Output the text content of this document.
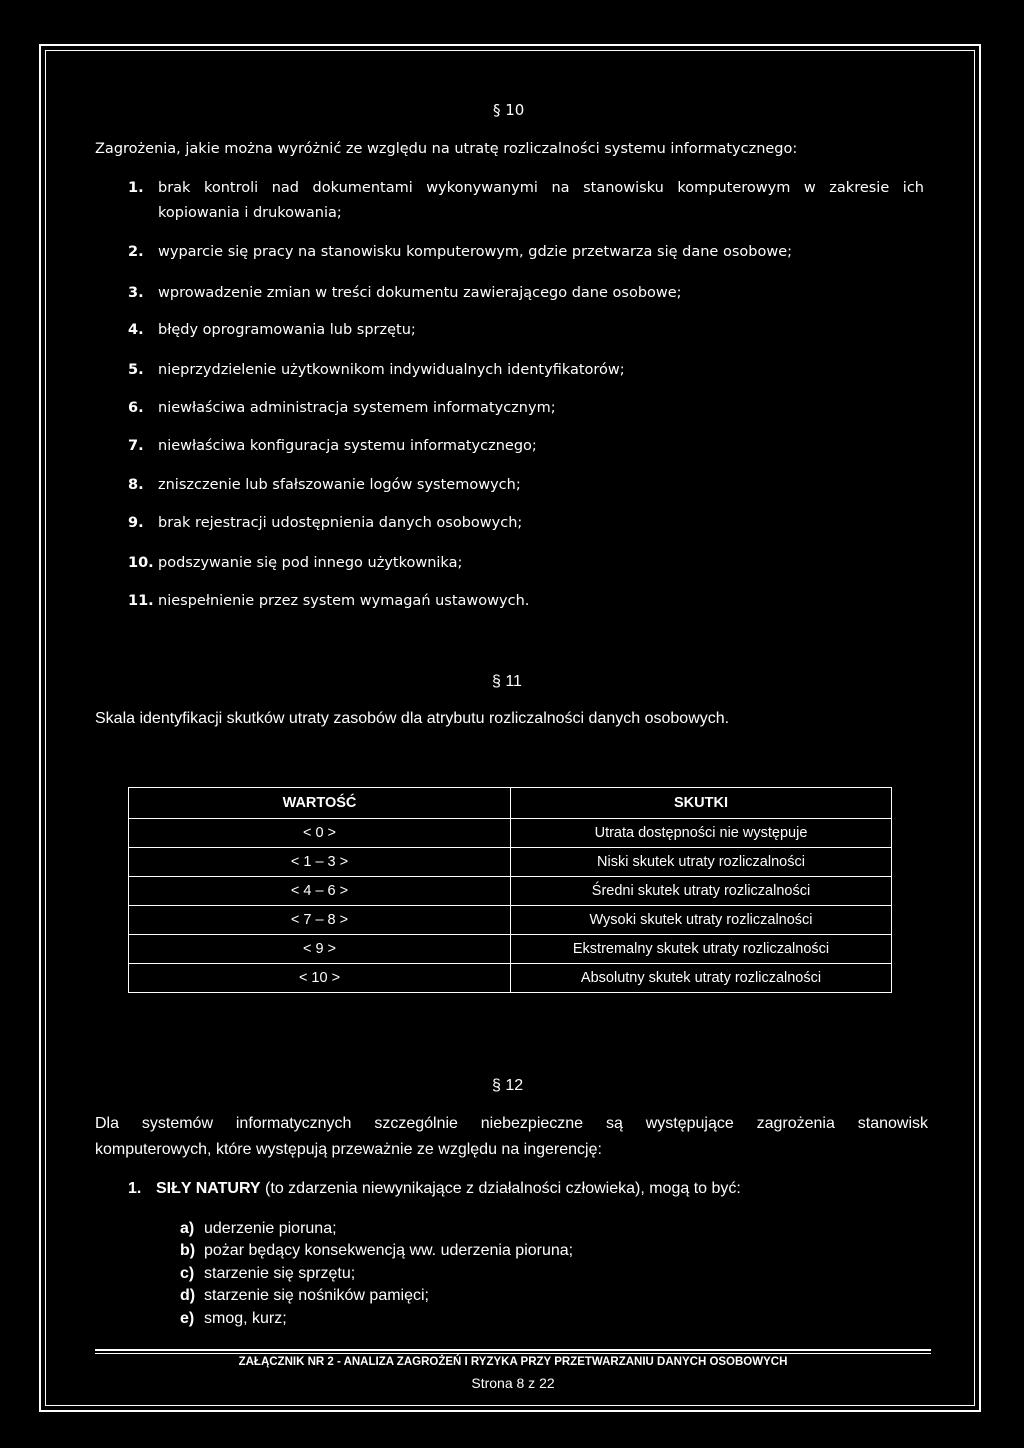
§ 10
Zagrożenia, jakie można wyróżnić ze względu na utratę rozliczalności systemu informatycznego:
1. brak kontroli nad dokumentami wykonywanymi na stanowisku komputerowym w zakresie ich
kopiowania i drukowania;
2. wyparcie się pracy na stanowisku komputerowym, gdzie przetwarza się dane osobowe;
3. wprowadzenie zmian w treści dokumentu zawierającego dane osobowe;
4. błędy oprogramowania lub sprzętu;
5. nieprzydzielenie użytkownikom indywidualnych identyfikatorów;
6. niewłaściwa administracja systemem informatycznym;
7. niewłaściwa konfiguracja systemu informatycznego;
8. zniszczenie lub sfałszowanie logów systemowych;
9. brak rejestracji udostępnienia danych osobowych;
10. podszywanie się pod innego użytkownika;
11. niespełnienie przez system wymagań ustawowych.
§ 11
Skala identyfikacji skutków utraty zasobów dla atrybutu rozliczalności danych osobowych.
WARTOŚĆ	SKUTKI
< 0 >	Utrata dostępności nie występuje
< 1 – 3 >	Niski skutek utraty rozliczalności
< 4 – 6 >	Średni skutek utraty rozliczalności
< 7 – 8 >	Wysoki skutek utraty rozliczalności
< 9 >	Ekstremalny skutek utraty rozliczalności
< 10 >	Absolutny skutek utraty rozliczalności
§ 12
Dla systemów informatycznych szczególnie niebezpieczne są występujące zagrożenia stanowisk
komputerowych, które występują przeważnie ze względu na ingerencję:
1. SIŁY NATURY (to zdarzenia niewynikające z działalności człowieka), mogą to być:
a) uderzenie pioruna;
b) pożar będący konsekwencją ww. uderzenia pioruna;
c) starzenie się sprzętu;
d) starzenie się nośników pamięci;
e) smog, kurz;
ZAŁĄCZNIK NR 2 - ANALIZA ZAGROŻEŃ I RYZYKA PRZY PRZETWARZANIU DANYCH OSOBOWYCH
Strona 8 z 22
